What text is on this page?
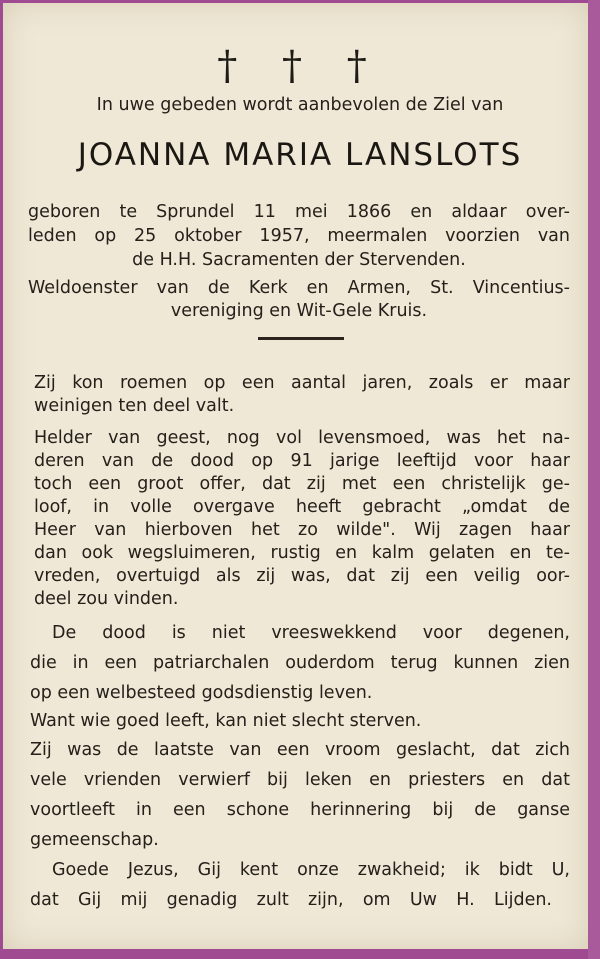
† † †
In uwe gebeden wordt aanbevolen de Ziel van
JOANNA MARIA LANSLOTS

geboren te Sprundel 11 mei 1866 en aldaar over-

leden op 25 oktober 1957, meermalen voorzien van

de H.H. Sacramenten der Stervenden.

Weldoenster van de Kerk en Armen, St. Vincentius-

vereniging en Wit-Gele Kruis.

Zij kon roemen op een aantal jaren, zoals er maar

weinigen ten deel valt.

Helder van geest, nog vol levensmoed, was het na-

deren van de dood op 91 jarige leeftijd voor haar

toch een groot offer, dat zij met een christelijk ge-

loof, in volle overgave heeft gebracht „omdat de

Heer van hierboven het zo wilde". Wij zagen haar

dan ook wegsluimeren, rustig en kalm gelaten en te-

vreden, overtuigd als zij was, dat zij een veilig oor-

deel zou vinden.

De dood is niet vreeswekkend voor degenen,

die in een patriarchalen ouderdom terug kunnen zien

op een welbesteed godsdienstig leven.

Want wie goed leeft, kan niet slecht sterven.

Zij was de laatste van een vroom geslacht, dat zich

vele vrienden verwierf bij leken en priesters en dat

voortleeft in een schone herinnering bij de ganse

gemeenschap.

Goede Jezus, Gij kent onze zwakheid; ik bidt U,

dat Gij mij genadig zult zijn, om Uw H. Lijden.
